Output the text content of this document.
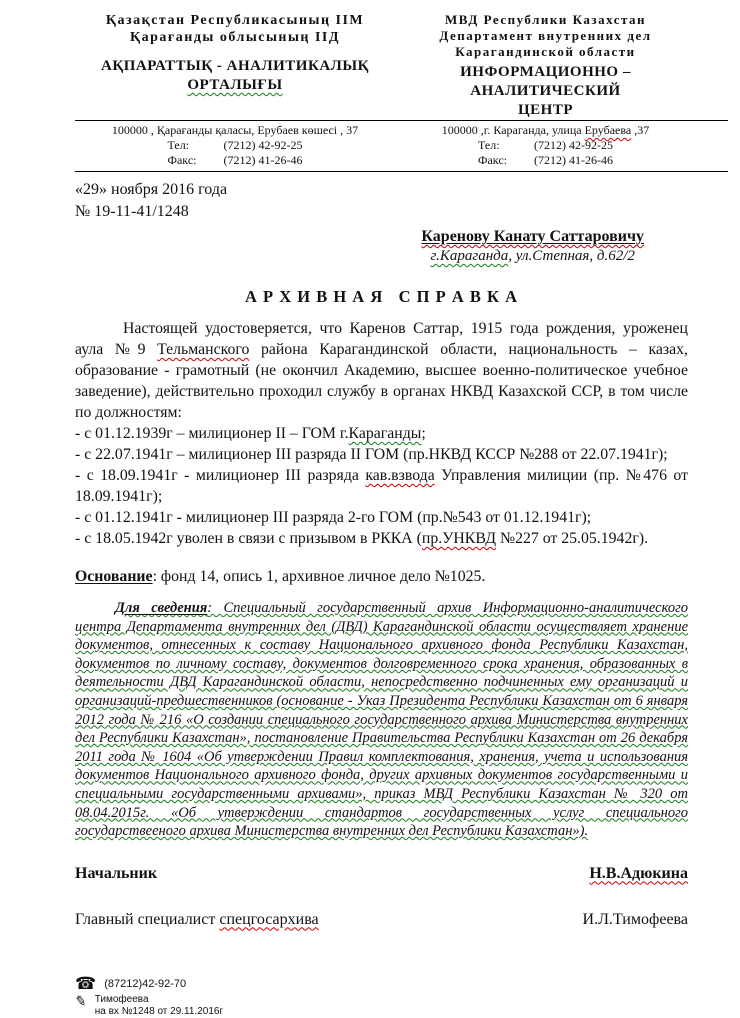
Қазақстан Республикасының ІІМ
Қарағанды облысының ІІД
АҚПАРАТТЫҚ - АНАЛИТИКАЛЫҚ
ОРТАЛЫҒЫ
МВД Республики Казахстан
Департамент внутренних дел
Карагандинской области
ИНФОРМАЦИОННО –АНАЛИТИЧЕСКИЙ
ЦЕНТР
100000 , Қарағанды қаласы, Ерубаев көшесі , 37
Тел:	(7212) 42-92-25
Факс:	(7212) 41-26-46
100000 ,г. Караганда, улица Ерубаева ,37
Тел:	(7212) 42-92-25
Факс:	(7212) 41-26-46
«29» ноября 2016 года
№ 19-11-41/1248
Каренову Канату Саттаровичу
г.Караганда, ул.Степная, д.62/2
А Р Х И В Н А Я   С П Р А В К А

Настоящей удостоверяется, что Каренов Саттар, 1915 года рождения, уроженец аула №9 Тельманского района Карагандинской области, национальность – казах, образование - грамотный (не окончил Академию, высшее военно-политическое учебное заведение), действительно проходил службу в органах НКВД Казахской ССР, в том числе по должностям:

- с 01.12.1939г – милиционер II – ГОМ г.Караганды;
- с 22.07.1941г – милиционер III разряда II ГОМ (пр.НКВД КССР №288 от 22.07.1941г);
- с 18.09.1941г - милиционер III разряда кав.взвода Управления милиции (пр. №476 от 18.09.1941г);
- с 01.12.1941г - милиционер III разряда 2-го ГОМ (пр.№543 от 01.12.1941г);
- с 18.05.1942г уволен в связи с призывом в РККА (пр.УНКВД №227 от 25.05.1942г).

Основание: фонд 14, опись 1, архивное личное дело №1025.

Для сведения: Специальный государственный архив Информационно-аналитического центра Департамента внутренних дел (ДВД) Карагандинской области осуществляет хранение документов, отнесенных к составу Национального архивного фонда Республики Казахстан, документов по личному составу, документов долговременного срока хранения, образованных в деятельности ДВД Карагандинской области, непосредственно подчиненных ему организаций и организаций-предшественников (основание - Указ Президента Республики Казахстан от 6 января 2012 года № 216 «О создании специального государственного архива Министерства внутренних дел Республики Казахстан», постановление Правительства Республики Казахстан от 26 декабря 2011 года № 1604 «Об утверждении Правил комплектования, хранения, учета и использования документов Национального архивного фонда, других архивных документов государственными и специальными государственными архивами», приказ МВД Республики Казахстан № 320 от 08.04.2015г. «Об утверждении стандартов государственных услуг специального государствееного архива Министерства внутренних дел Республики Казахстан»).

Начальник	Н.В.Адюкина
Главный специалист спецгосархива	И.Л.Тимофеева
☎ (87212)42-92-70
✎ Тимофеева
на вх №1248 от 29.11.2016г
